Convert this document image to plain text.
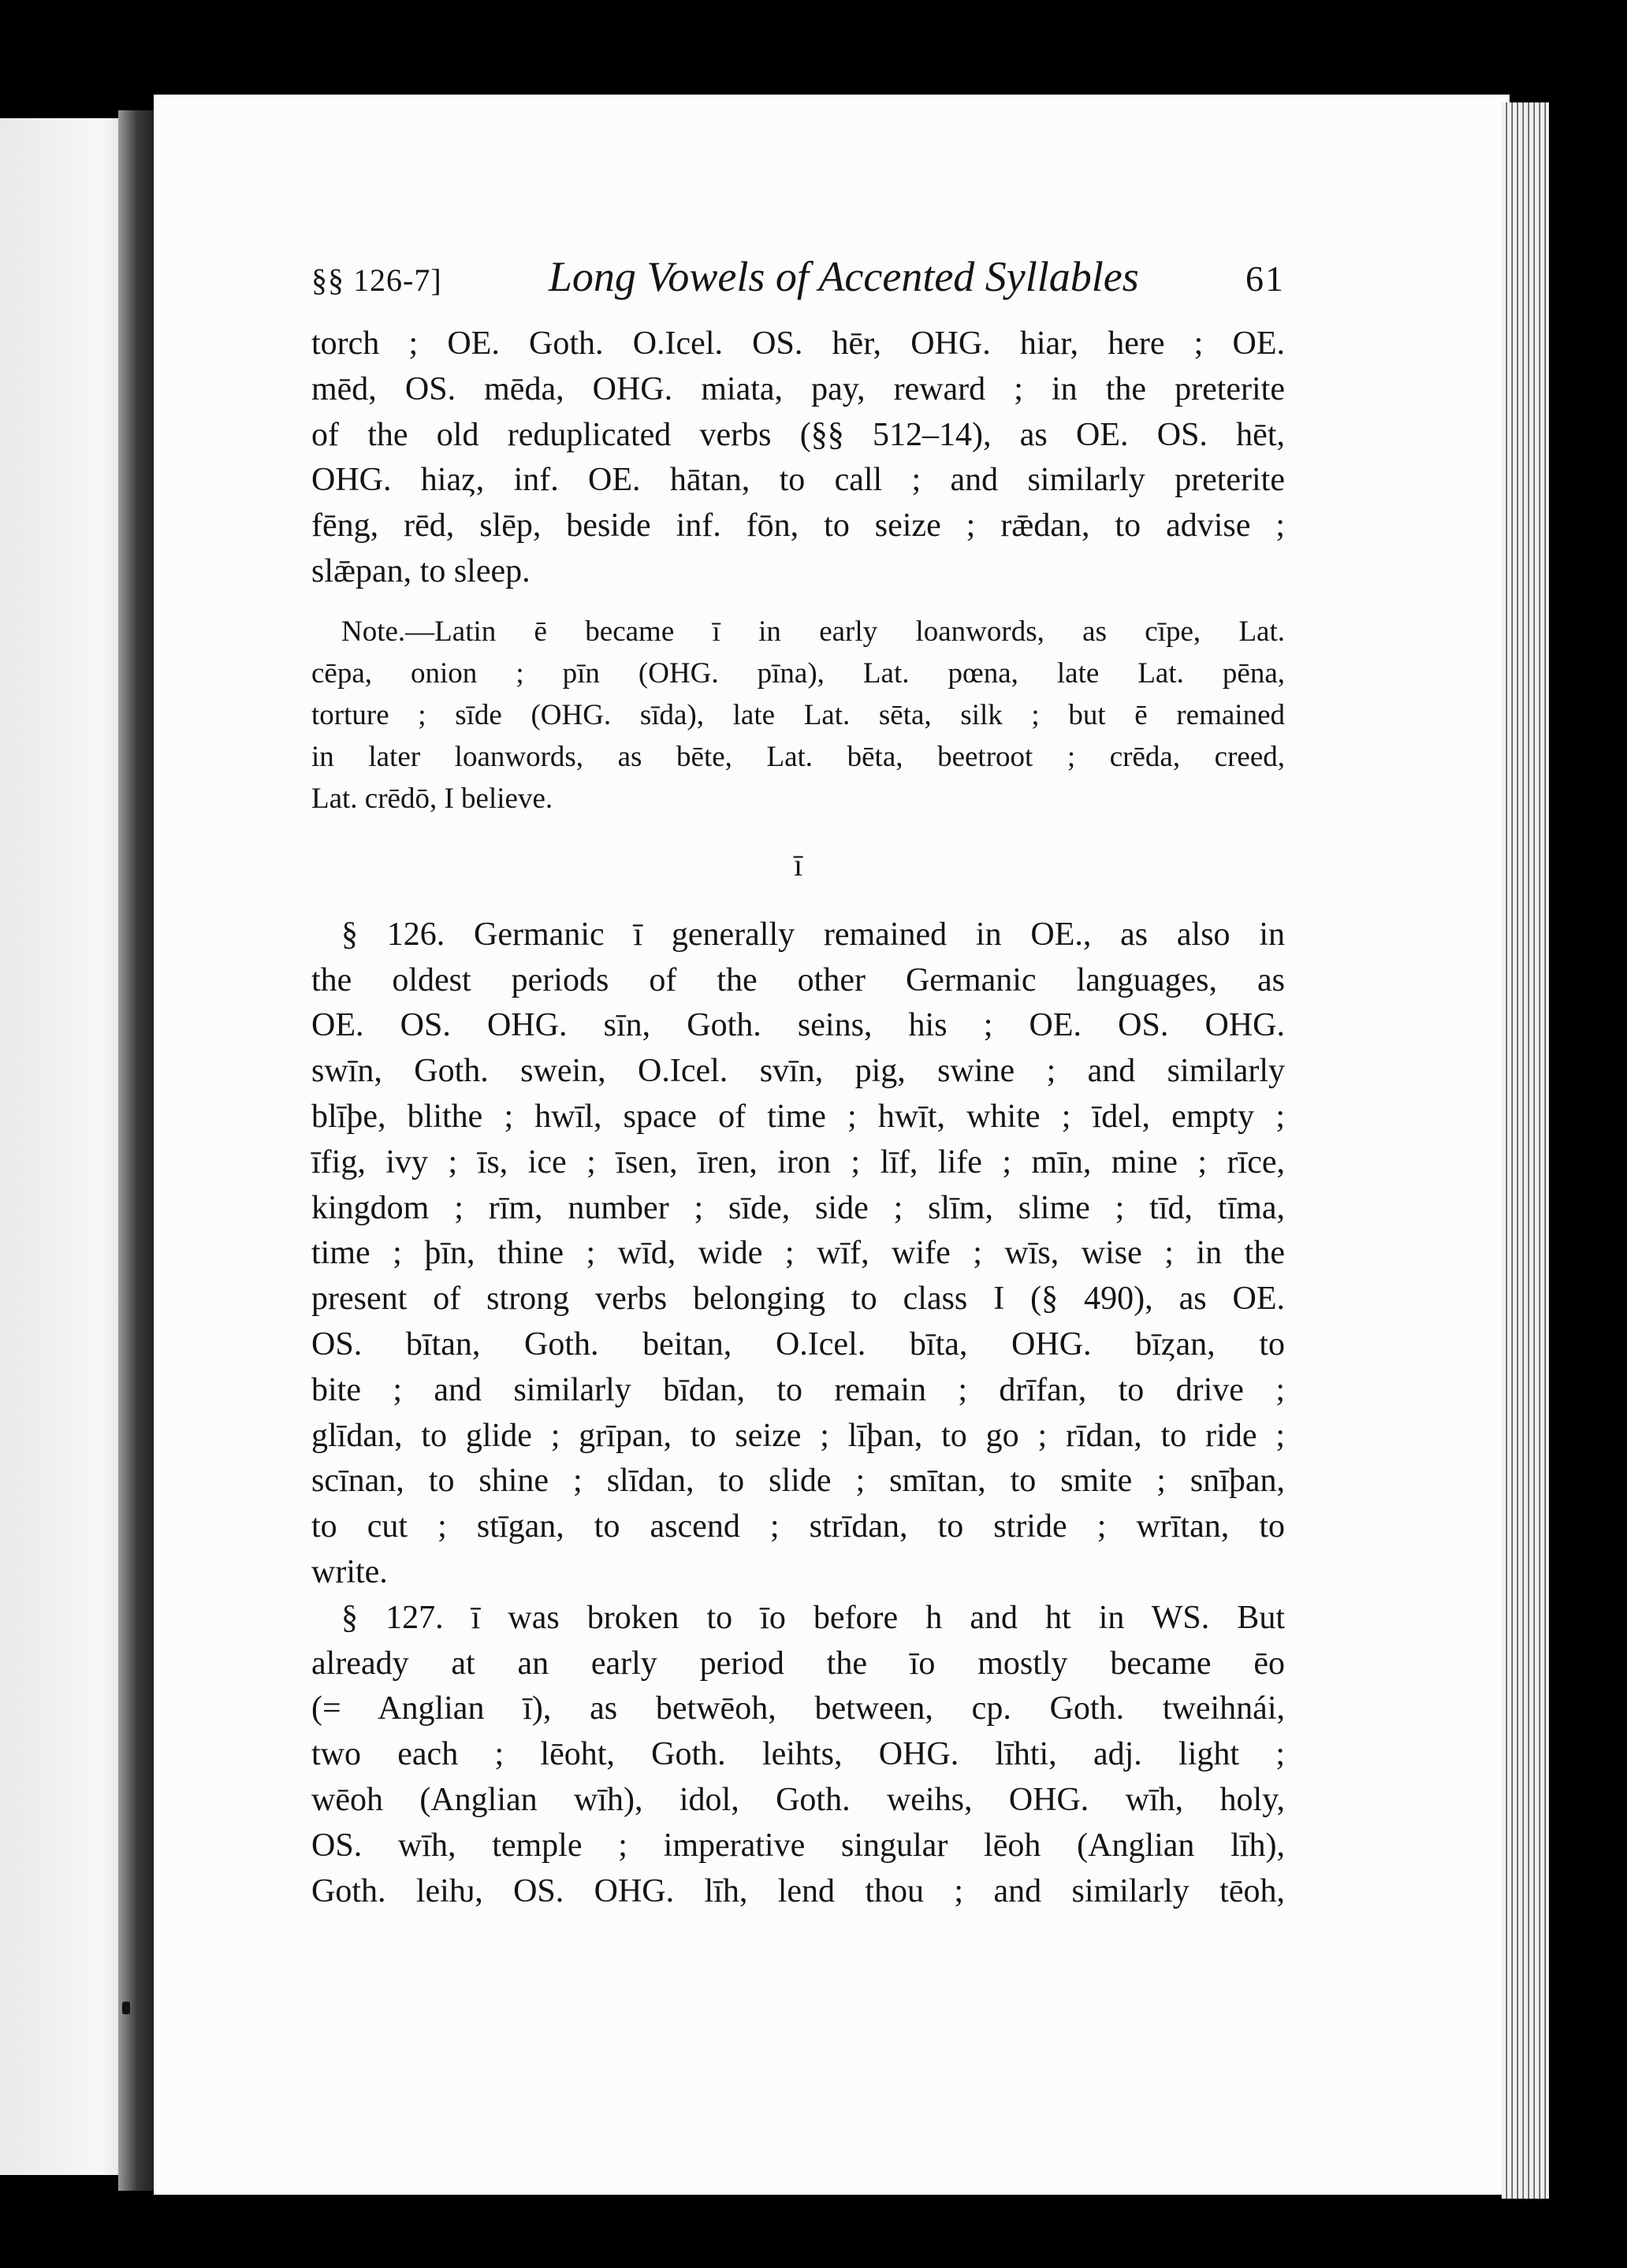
§§ 126-7]	Long Vowels of Accented Syllables	61
torch ; OE. Goth. O.Icel. OS. hēr, OHG. hiar, here ; OE.
mēd, OS. mēda, OHG. miata, pay, reward ; in the preterite
of the old reduplicated verbs (§§ 512–14), as OE. OS. hēt,
OHG. hiaȥ, inf. OE. hātan, to call ; and similarly preterite
fēng, rēd, slēp, beside inf. fōn, to seize ; rǣdan, to advise ;
slǣpan, to sleep.
Note.—Latin ē became ī in early loanwords, as cīpe, Lat.
cēpa, onion ; pīn (OHG. pīna), Lat. pœna, late Lat. pēna,
torture ; sīde (OHG. sīda), late Lat. sēta, silk ; but ē remained
in later loanwords, as bēte, Lat. bēta, beetroot ; crēda, creed,
Lat. crēdō, I believe.
ī
§ 126. Germanic ī generally remained in OE., as also in
the oldest periods of the other Germanic languages, as
OE. OS. OHG. sīn, Goth. seins, his ; OE. OS. OHG.
swīn, Goth. swein, O.Icel. svīn, pig, swine ; and similarly
blīþe, blithe ; hwīl, space of time ; hwīt, white ; īdel, empty ;
īfig, ivy ; īs, ice ; īsen, īren, iron ; līf, life ; mīn, mine ; rīce,
kingdom ; rīm, number ; sīde, side ; slīm, slime ; tīd, tīma,
time ; þīn, thine ; wīd, wide ; wīf, wife ; wīs, wise ; in the
present of strong verbs belonging to class I (§ 490), as OE.
OS. bītan, Goth. beitan, O.Icel. bīta, OHG. bīȥan, to
bite ; and similarly bīdan, to remain ; drīfan, to drive ;
glīdan, to glide ; grīpan, to seize ; līþan, to go ; rīdan, to ride ;
scīnan, to shine ; slīdan, to slide ; smītan, to smite ; snīþan,
to cut ; stīgan, to ascend ; strīdan, to stride ; wrītan, to
write.
§ 127. ī was broken to īo before h and ht in WS. But
already at an early period the īo mostly became ēo
(= Anglian ī), as betwēoh, between, cp. Goth. tweihnái,
two each ; lēoht, Goth. leihts, OHG. līhti, adj. light ;
wēoh (Anglian wīh), idol, Goth. weihs, OHG. wīh, holy,
OS. wīh, temple ; imperative singular lēoh (Anglian līh),
Goth. leiƕ, OS. OHG. līh, lend thou ; and similarly tēoh,
